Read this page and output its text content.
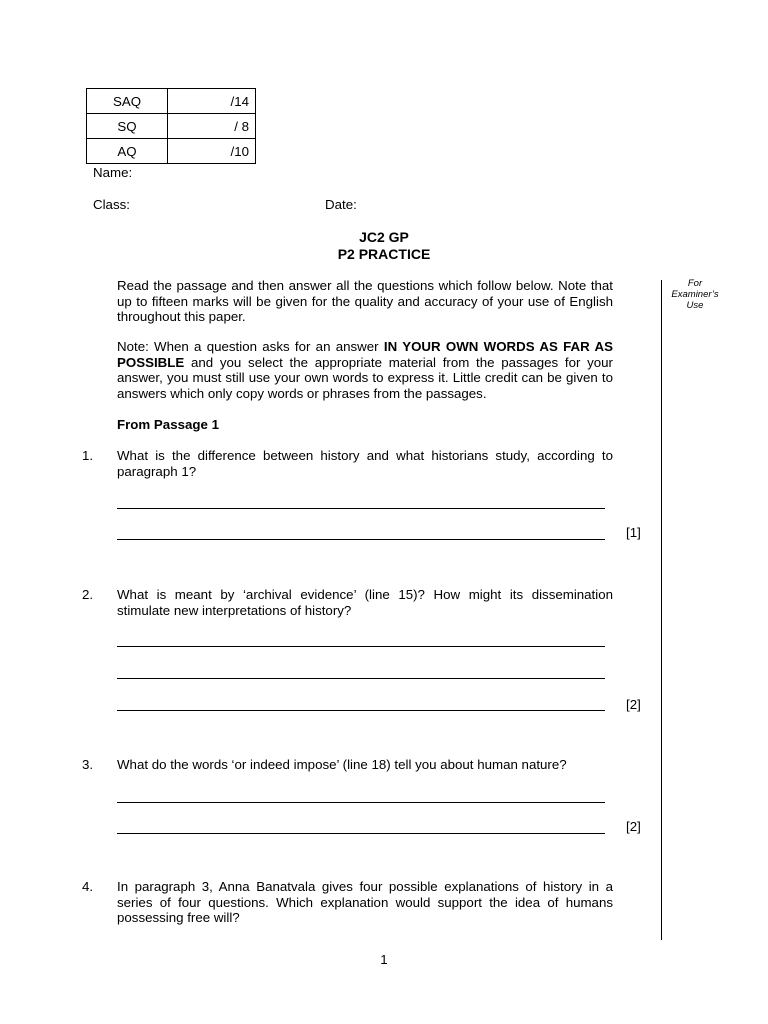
SAQ	/14
SQ	/ 8
AQ	/10
Name:
Class:	Date:
JC2 GP
P2 PRACTICE
For
Examiner’s
Use
Read the passage and then answer all the questions which follow below. Note that up to fifteen marks will be given for the quality and accuracy of your use of English throughout this paper.
Note: When a question asks for an answer IN YOUR OWN WORDS AS FAR AS POSSIBLE and you select the appropriate material from the passages for your answer, you must still use your own words to express it. Little credit can be given to answers which only copy words or phrases from the passages.
From Passage 1
1. What is the difference between history and what historians study, according to paragraph 1?
[1]
2. What is meant by ‘archival evidence’ (line 15)? How might its dissemination stimulate new interpretations of history?
[2]
3. What do the words ‘or indeed impose’ (line 18) tell you about human nature?
[2]
4. In paragraph 3, Anna Banatvala gives four possible explanations of history in a series of four questions. Which explanation would support the idea of humans possessing free will?
1
